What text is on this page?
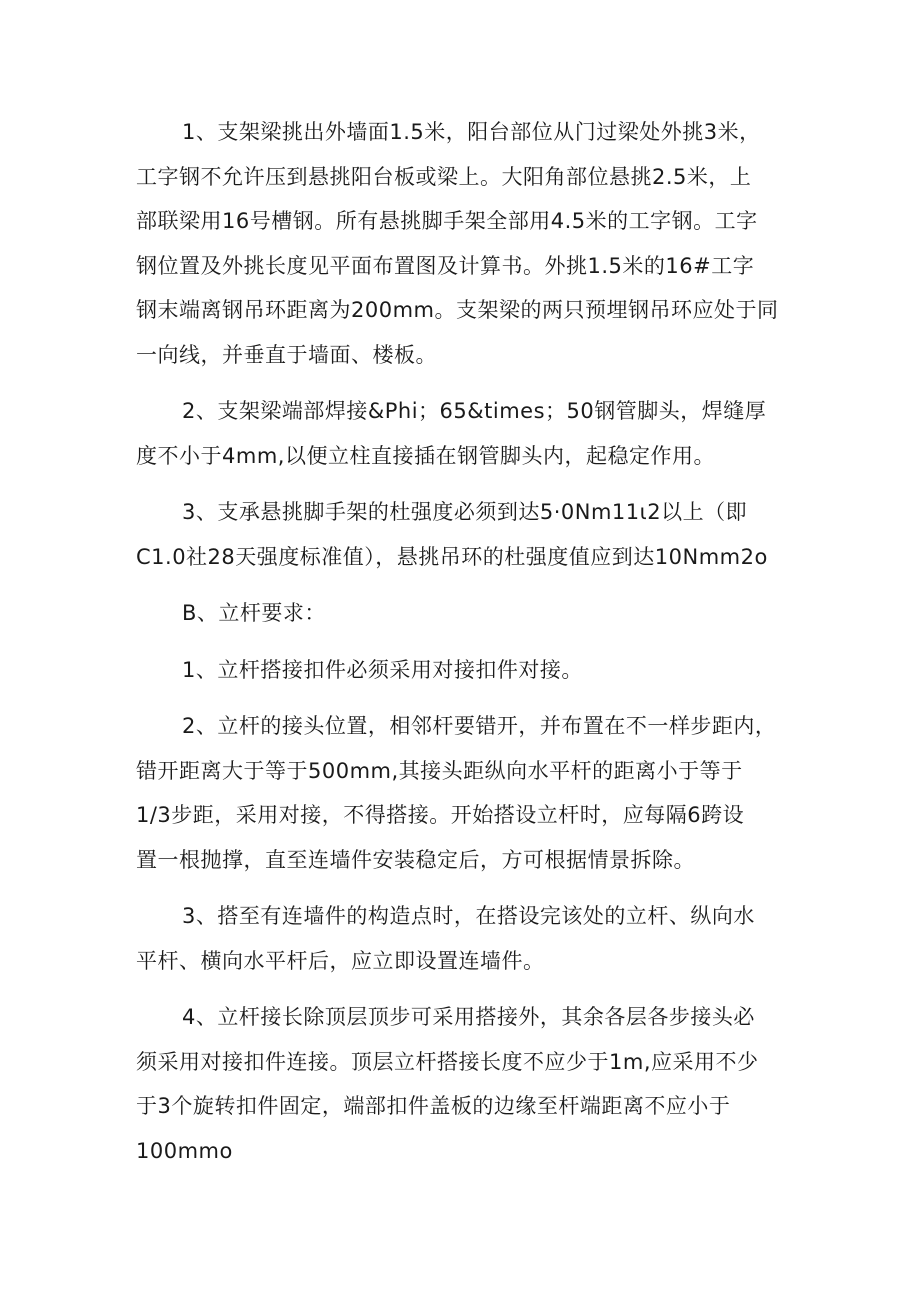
1、支架梁挑出外墙面1.5米，阳台部位从门过梁处外挑3米，
工字钢不允许压到悬挑阳台板或梁上。大阳角部位悬挑2.5米，上
部联梁用16号槽钢。所有悬挑脚手架全部用4.5米的工字钢。工字
钢位置及外挑长度见平面布置图及计算书。外挑1.5米的16#工字
钢末端离钢吊环距离为200mm。支架梁的两只预埋钢吊环应处于同
一向线，并垂直于墙面、楼板。
2、支架梁端部焊接&Phi；65&times；50钢管脚头，焊缝厚
度不小于4mm,以便立柱直接插在钢管脚头内，起稳定作用。
3、支承悬挑脚手架的杜强度必须到达5·0Nm11ι2以上（即
C1.0社28天强度标准值），悬挑吊环的杜强度值应到达10Nmm2o
B、立杆要求：
1、立杆搭接扣件必须采用对接扣件对接。
2、立杆的接头位置，相邻杆要错开，并布置在不一样步距内，
错开距离大于等于500mm,其接头距纵向水平杆的距离小于等于
1/3步距，采用对接，不得搭接。开始搭设立杆时，应每隔6跨设
置一根抛撑，直至连墙件安装稳定后，方可根据情景拆除。
3、搭至有连墙件的构造点时，在搭设完该处的立杆、纵向水
平杆、横向水平杆后，应立即设置连墙件。
4、立杆接长除顶层顶步可采用搭接外，其余各层各步接头必
须采用对接扣件连接。顶层立杆搭接长度不应少于1m,应采用不少
于3个旋转扣件固定，端部扣件盖板的边缘至杆端距离不应小于
100mmo
